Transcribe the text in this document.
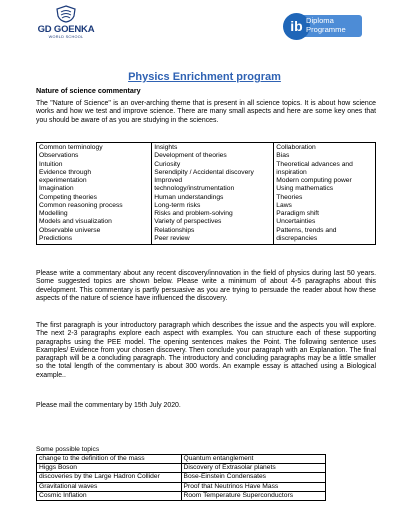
GD GOENKA
WORLD SCHOOL
ib Diploma
Programme
Physics Enrichment program
Nature of science commentary

The "Nature of Science" is an over-arching theme that is present in all science topics. It is about how science works and how we test and improve science. There are many small aspects and here are some key ones that you should be aware of as you are studying in the sciences.

Common terminology
Observations
Intuition
Evidence through
experimentation
Imagination
Competing theories
Common reasoning process
Modelling
Models and visualization
Observable universe
Predictions

Insights
Development of theories
Curiosity
Serendipity / Accidental discovery
Improved
technology/instrumentation
Human understandings
Long-term risks
Risks and problem-solving
Variety of perspectives
Relationships
Peer review

Collaboration
Bias
Theoretical advances and
inspiration
Modern computing power
Using mathematics
Theories
Laws
Paradigm shift
Uncertainties
Patterns, trends and
discrepancies

Please write a commentary about any recent discovery/innovation in the field of physics during last 50 years. Some suggested topics are shown below. Please write a minimum of about 4-5 paragraphs about this development. This commentary is partly persuasive as you are trying to persuade the reader about how these aspects of the nature of science have influenced the discovery.

The first paragraph is your introductory paragraph which describes the issue and the aspects you will explore. The next 2-3 paragraphs explore each aspect with examples. You can structure each of these supporting paragraphs using the PEE model. The opening sentences makes the Point. The following sentence uses Examples/ Evidence from your chosen discovery. Then conclude your paragraph with an Explanation. The final paragraph will be a concluding paragraph. The introductory and concluding paragraphs may be a little smaller so the total length of the commentary is about 300 words. An example essay is attached using a Biological example..

Please mail the commentary by 15th July 2020.

Some possible topics
change to the definition of the mass	Quantum entanglement
Higgs Boson	Discovery of Extrasolar planets
discoveries by the Large Hadron Collider	Bose-Einstein Condensates
Gravitational waves	Proof that Neutrinos Have Mass
Cosmic Inflation	Room Temperature Superconductors
